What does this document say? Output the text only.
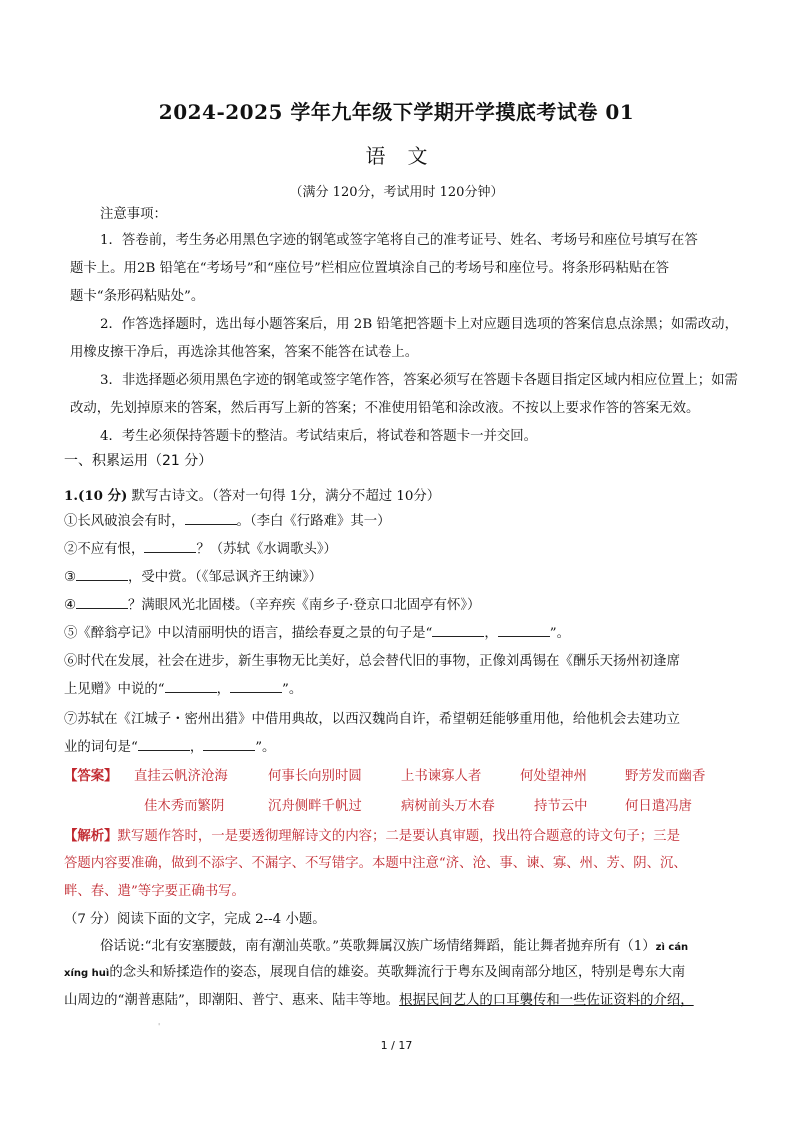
2024-2025 学年九年级下学期开学摸底考试卷 01
语文
（满分 120分，考试用时 120分钟）
注意事项：
1．答卷前，考生务必用黑色字迹的钢笔或签字笔将自己的准考证号、姓名、考场号和座位号填写在答
题卡上。用2B 铅笔在“考场号”和“座位号”栏相应位置填涂自己的考场号和座位号。将条形码粘贴在答
题卡“条形码粘贴处”。
2．作答选择题时，选出每小题答案后，用 2B 铅笔把答题卡上对应题目选项的答案信息点涂黑；如需改动，
用橡皮擦干净后，再选涂其他答案，答案不能答在试卷上。
3．非选择题必须用黑色字迹的钢笔或签字笔作答，答案必须写在答题卡各题目指定区域内相应位置上；如需
改动，先划掉原来的答案，然后再写上新的答案；不准使用铅笔和涂改液。不按以上要求作答的答案无效。
4．考生必须保持答题卡的整洁。考试结束后，将试卷和答题卡一并交回。
一、积累运用（21 分）
1.(10 分) 默写古诗文。（答对一句得 1分，满分不超过 10分）
①长风破浪会有时，	。（李白《行路难》其一）
②不应有恨，	？（苏轼《水调歌头》）
③	，受中赏。（《邹忌讽齐王纳谏》）
④	？满眼风光北固楼。（辛弃疾《南乡子·登京口北固亭有怀》）
⑤《醉翁亭记》中以清丽明快的语言，描绘春夏之景的句子是“	，	”。
⑥时代在发展，社会在进步，新生事物无比美好，总会替代旧的事物，正像刘禹锡在《酬乐天扬州初逢席
上见赠》中说的“	，	”。
⑦苏轼在《江城子・密州出猎》中借用典故，以西汉魏尚自许，希望朝廷能够重用他，给他机会去建功立
业的词句是“	，	”。
【答案】 直挂云帆济沧海	何事长向别时圆	上书谏寡人者	何处望神州	野芳发而幽香
佳木秀而繁阴	沉舟侧畔千帆过	病树前头万木春	持节云中	何日遣冯唐
【解析】默写题作答时，一是要透彻理解诗文的内容；二是要认真审题，找出符合题意的诗文句子；三是
答题内容要准确，做到不添字、不漏字、不写错字。本题中注意“济、沧、事、谏、寡、州、芳、阴、沉、
畔、春、遣”等字要正确书写。
（7 分）阅读下面的文字，完成 2--4 小题。
俗话说:“北有安塞腰鼓，南有潮汕英歌。”英歌舞属汉族广场情绪舞蹈，能让舞者抛弃所有（1）zì cán
xíng huì的念头和矫揉造作的姿态，展现自信的雄姿。英歌舞流行于粤东及闽南部分地区，特别是粤东大南
山周边的“潮普惠陆”，即潮阳、普宁、惠来、陆丰等地。根据民间艺人的口耳襲传和一些佐证资料的介绍，
'
1 / 17
